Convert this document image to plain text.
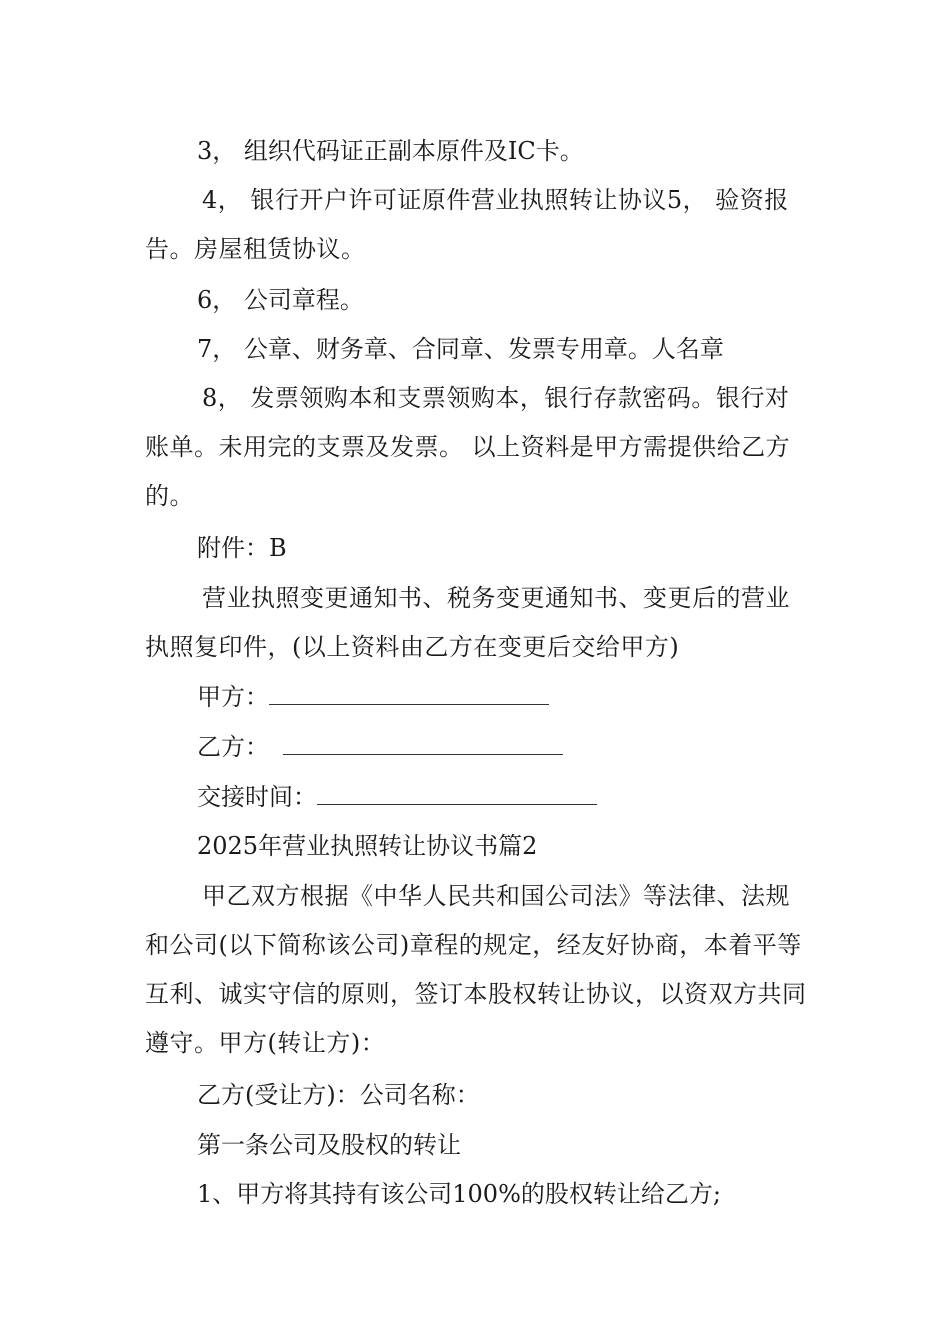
3， 组织代码证正副本原件及IC卡。

4， 银行开户许可证原件营业执照转让协议5， 验资报告。房屋租赁协议。

6， 公司章程。

7， 公章、财务章、合同章、发票专用章。人名章

8， 发票领购本和支票领购本，银行存款密码。银行对账单。未用完的支票及发票。 以上资料是甲方需提供给乙方的。

附件：B

营业执照变更通知书、税务变更通知书、变更后的营业执照复印件，(以上资料由乙方在变更后交给甲方)

甲方：
乙方：
交接时间：

2025年营业执照转让协议书篇2

甲乙双方根据《中华人民共和国公司法》等法律、法规和公司(以下简称该公司)章程的规定，经友好协商，本着平等互利、诚实守信的原则，签订本股权转让协议，以资双方共同遵守。甲方(转让方)：

乙方(受让方)：公司名称：

第一条公司及股权的转让

1、甲方将其持有该公司100%的股权转让给乙方;
